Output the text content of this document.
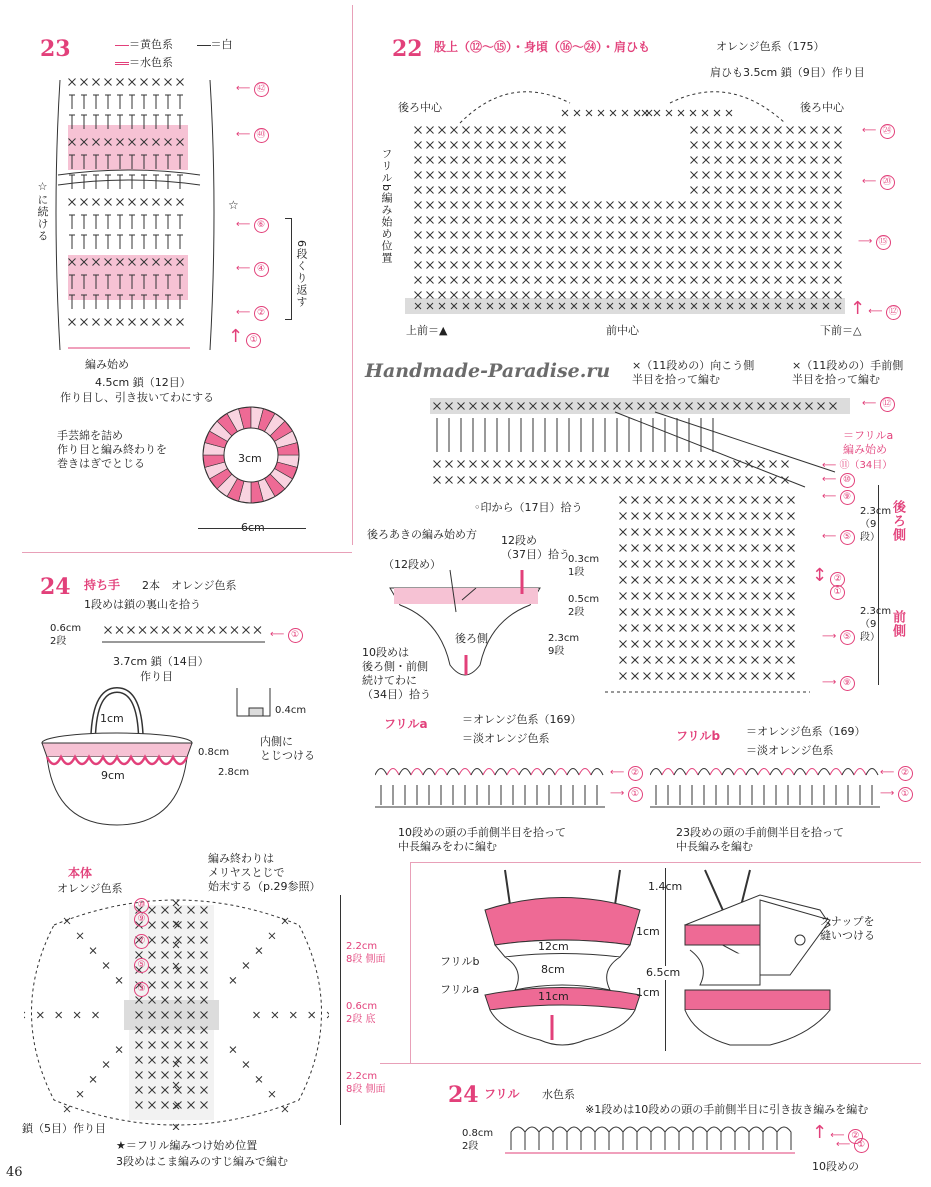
23	＝黄色系	＝白
＝水色系
☆に続ける	☆
⟵ ㊷
⟵ ㊵
⟵ ⑥
⟵ ④
⟵ ②
↑ ①
6段くり返す
編み始め
4.5cm 鎖（12目）
作り目し、引き抜いてわにする
手芸綿を詰め
作り目と編み終わりを
巻きはぎでとじる	3cm
6cm
22 股上（⑫～⑮）・身頃（⑯～㉔）・肩ひも	オレンジ色系（175）
肩ひも3.5cm 鎖（9目）作り目
後ろ中心	後ろ中心
フリルb編み始め位置
⟵ ㉔
⟵ ⑳
⟶ ⑮
↑ ⟵ ⑫
上前＝▲	前中心	下前＝△
Handmade-Paradise.ru ×（11段めの）向こう側
半目を拾って編む
×（11段めの）手前側
半目を拾って編む
⟵ ⑫
＝フリルa
編み始め
⟵ ⑪（34目）
⟵ ⑩
⟵ ⑨
⟵ ⑤
↕ ②
①
⟶ ⑤
⟶ ⑨
2.3cm（9段） 後ろ側
2.3cm（9段） 前側
◦印から（17目）拾う
後ろあきの編み始め方
（12段め）
12段め
（37目）拾う
0.3cm 1段
0.5cm 2段
2.3cm 9段
後ろ側
10段めは
後ろ側・前側
続けてわに
（34目）拾う
フリルa	＝オレンジ色系（169）
＝淡オレンジ色系
⟵ ②
⟶ ①
10段めの頭の手前側半目を拾って
中長編みをわに編む
フリルb ＝オレンジ色系（169）
＝淡オレンジ色系
⟵ ②
⟶ ①
23段めの頭の手前側半目を拾って
中長編みを編む
1.4cm
12cm
1cm
フリルb
8cm
フリルa
11cm	1cm
6.5cm
スナップを
縫いつける
24 持ち手 2本　オレンジ色系
1段めは鎖の裏山を拾う
0.6cm 2段
⟵ ①
3.7cm 鎖（14目）
作り目
1cm
9cm
0.4cm
内側に
とじつける
0.8cm
2.8cm
本体
オレンジ色系
編み終わりは
メリヤスとじで
始末する（p.29参照）
⑩
⑨
⑦
⑤
③
2.2cm 8段 側面
0.6cm 2段 底
2.2cm 8段 側面
鎖（5目）作り目
★＝フリル編みつけ始め位置
3段めはこま編みのすじ編みで編む
24 フリル 水色系
※1段めは10段めの頭の手前側半目に引き抜き編みを編む
0.8cm 2段
↑ ⟵ ②
⟵ ①
10段めの
46
